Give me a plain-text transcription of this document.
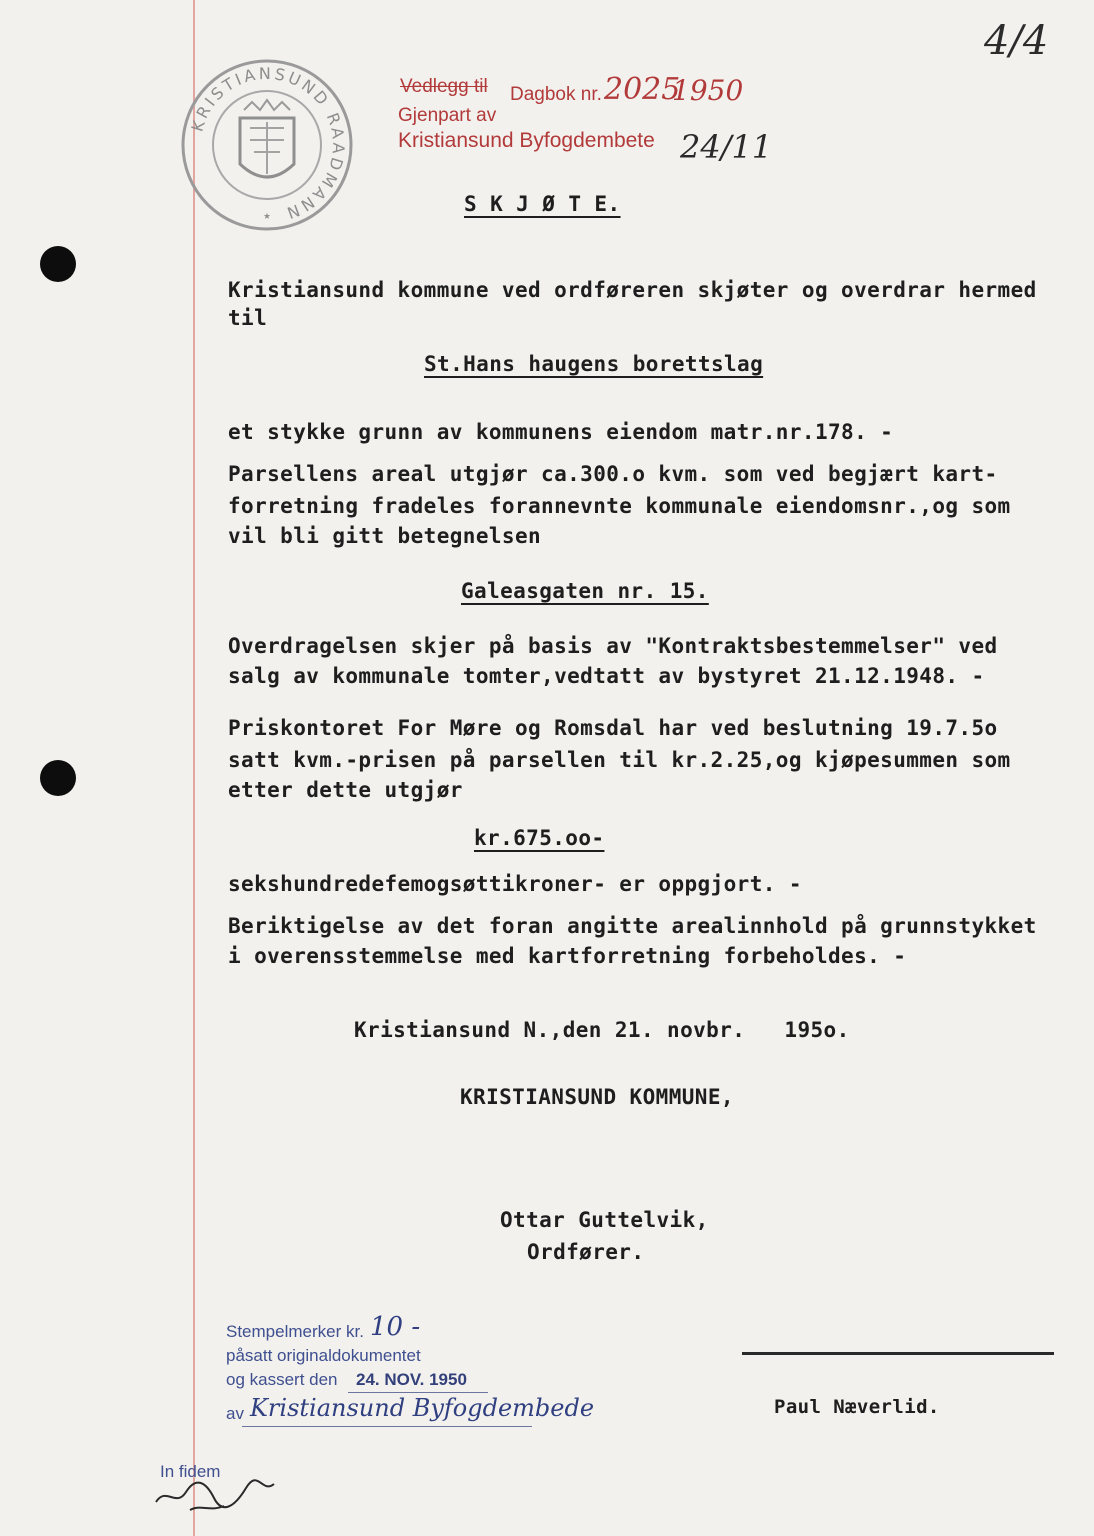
4/4
KRISTIANSUND RAADMANN
★
Vedlegg til Dagbok nr. 2025
1950
Gjenpart av
Kristiansund Byfogdembete 24/11
S K J Ø T E.
Kristiansund kommune ved ordføreren skjøter og overdrar hermed
til
St.Hans haugens borettslag
et stykke grunn av kommunens eiendom matr.nr.178. -
Parsellens areal utgjør ca.300.o kvm. som ved begjært kart-
forretning fradeles forannevnte kommunale eiendomsnr.,og som
vil bli gitt betegnelsen
Galeasgaten nr. 15.
Overdragelsen skjer på basis av "Kontraktsbestemmelser" ved
salg av kommunale tomter,vedtatt av bystyret 21.12.1948. -
Priskontoret For Møre og Romsdal har ved beslutning 19.7.5o
satt kvm.-prisen på parsellen til kr.2.25,og kjøpesummen som
etter dette utgjør
kr.675.oo-
sekshundredefemogsøttikroner- er oppgjort. -
Beriktigelse av det foran angitte arealinnhold på grunnstykket
i overensstemmelse med kartforretning forbeholdes. -
Kristiansund N.,den 21. novbr.   195o.
KRISTIANSUND KOMMUNE,
Ottar Guttelvik,
Ordfører.
Stempelmerker kr. 10 -
påsatt originaldokumentet
og kassert den 24. NOV. 1950
av Kristiansund Byfogdembede	Paul Næverlid.
In fidem
